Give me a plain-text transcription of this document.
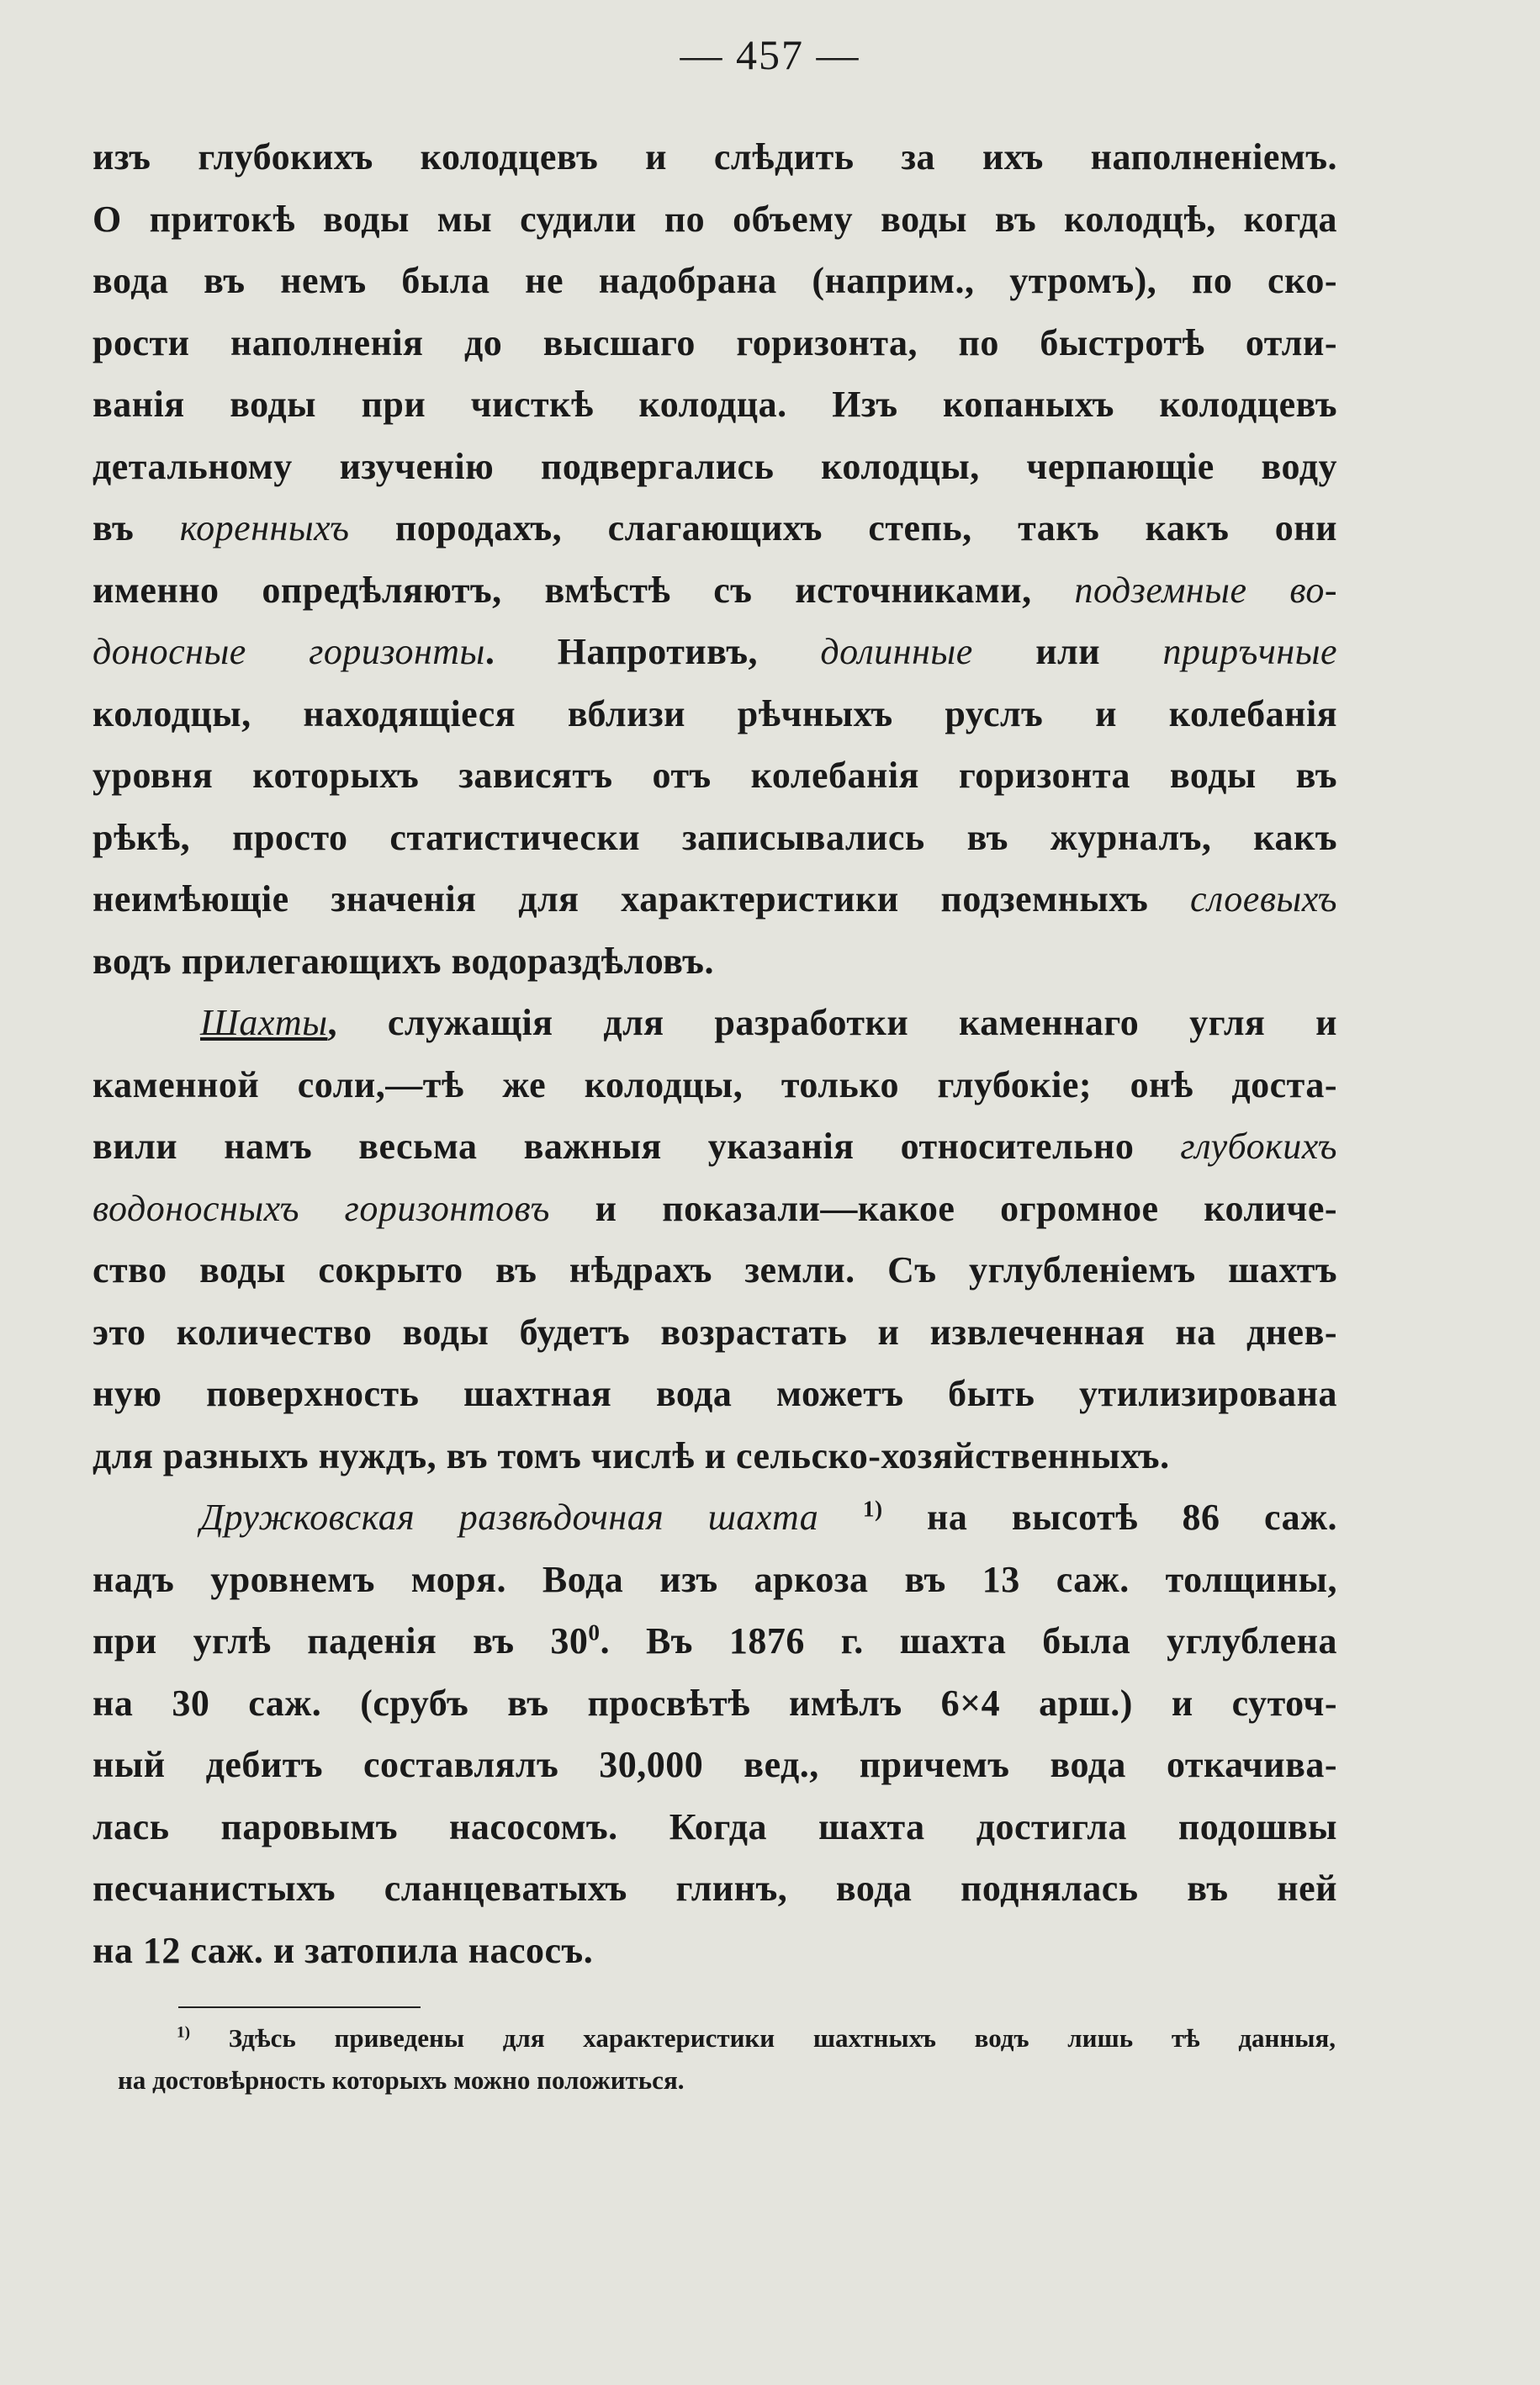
— 457 —
изъ глубокихъ колодцевъ и слѣдить за ихъ наполненіемъ.
О притокѣ воды мы судили по объему воды въ колодцѣ, когда
вода въ немъ была не надобрана (наприм., утромъ), по ско-
рости наполненія до высшаго горизонта, по быстротѣ отли-
ванія воды при чисткѣ колодца. Изъ копаныхъ колодцевъ
детальному изученію подвергались колодцы, черпающіе воду
въ коренныхъ породахъ, слагающихъ степь, такъ какъ они
именно опредѣляютъ, вмѣстѣ съ источниками, подземные во-
доносные горизонты. Напротивъ, долинные или приръчные
колодцы, находящіеся вблизи рѣчныхъ руслъ и колебанія
уровня которыхъ зависятъ отъ колебанія горизонта воды въ
рѣкѣ, просто статистически записывались въ журналъ, какъ
неимѣющіе значенія для характеристики подземныхъ слоевыхъ
водъ прилегающихъ водораздѣловъ.
Шахты, служащія для разработки каменнаго угля и
каменной соли,—тѣ же колодцы, только глубокіе; онѣ доста-
вили намъ весьма важныя указанія относительно глубокихъ
водоносныхъ горизонтовъ и показали—какое огромное количе-
ство воды сокрыто въ нѣдрахъ земли. Съ углубленіемъ шахтъ
это количество воды будетъ возрастать и извлеченная на днев-
ную поверхность шахтная вода можетъ быть утилизирована
для разныхъ нуждъ, въ томъ числѣ и сельско-хозяйственныхъ.
Дружковская развѣдочная шахта $^{1)}$ на высотѣ 86 саж.
надъ уровнемъ моря. Вода изъ аркоза въ 13 саж. толщины,
при углѣ паденія въ $30^0$. Въ 1876 г. шахта была углублена
на 30 саж. (срубъ въ просвѣтѣ имѣлъ 6×4 арш.) и суточ-
ный дебитъ составлялъ 30,000 вед., причемъ вода откачива-
лась паровымъ насосомъ. Когда шахта достигла подошвы
песчанистыхъ сланцеватыхъ глинъ, вода поднялась въ ней
на 12 саж. и затопила насосъ.
$^{1)}$ Здѣсь приведены для характеристики шахтныхъ водъ лишь тѣ данныя,
на достовѣрность которыхъ можно положиться.
